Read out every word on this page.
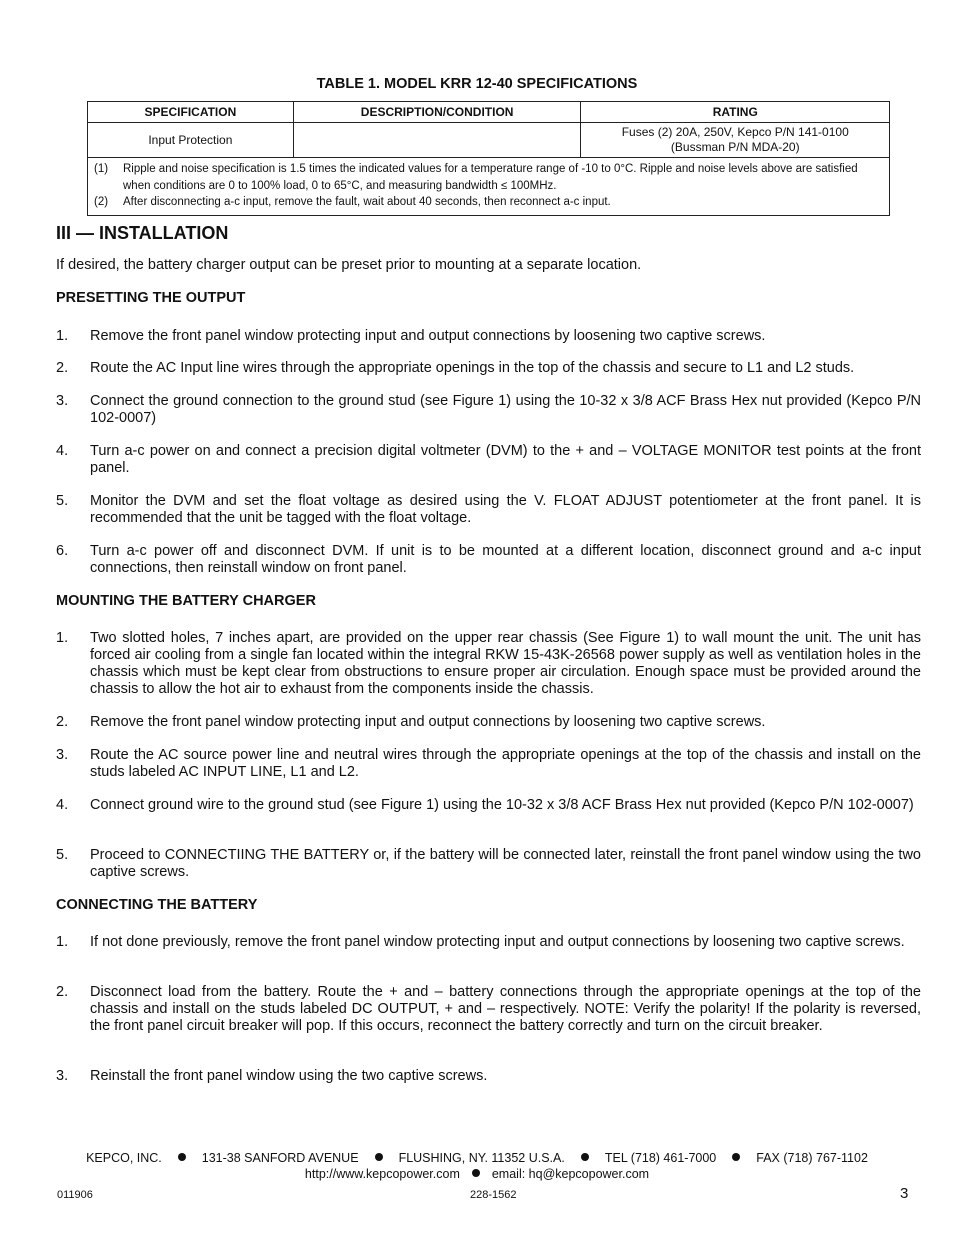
TABLE 1. MODEL KRR 12-40 SPECIFICATIONS
SPECIFICATION	DESCRIPTION/CONDITION	RATING
Input Protection		Fuses (2) 20A, 250V, Kepco P/N 141-0100
(Bussman P/N MDA-20)

(1) Ripple and noise specification is 1.5 times the indicated values for a temperature range of -10 to 0°C. Ripple and noise levels above are satisfied when conditions are 0 to 100% load, 0 to 65°C, and measuring bandwidth ≤ 100MHz.
(2) After disconnecting a-c input, remove the fault, wait about 40 seconds, then reconnect a-c input.		
III — INSTALLATION

If desired, the battery charger output can be preset prior to mounting at a separate location.

PRESETTING THE OUTPUT
1.	Remove the front panel window protecting input and output connections by loosening two captive screws.
2.	Route the AC Input line wires through the appropriate openings in the top of the chassis and secure to L1 and L2 studs.
3.	Connect the ground connection to the ground stud (see Figure 1) using the 10-32 x 3/8 ACF Brass Hex nut provided (Kepco P/N 102-0007)
4.	Turn a-c power on and connect a precision digital voltmeter (DVM) to the + and – VOLTAGE MONITOR test points at the front panel.
5.	Monitor the DVM and set the float voltage as desired using the V. FLOAT ADJUST potentiometer at the front panel. It is recommended that the unit be tagged with the float voltage.
6.	Turn a-c power off and disconnect DVM. If unit is to be mounted at a different location, disconnect ground and a-c input connections, then reinstall window on front panel.
MOUNTING THE BATTERY CHARGER
1.	Two slotted holes, 7 inches apart, are provided on the upper rear chassis (See Figure 1) to wall mount the unit. The unit has forced air cooling from a single fan located within the integral RKW 15-43K-26568 power supply as well as ventilation holes in the chassis which must be kept clear from obstructions to ensure proper air circulation. Enough space must be provided around the chassis to allow the hot air to exhaust from the components inside the chassis.
2.	Remove the front panel window protecting input and output connections by loosening two captive screws.
3.	Route the AC source power line and neutral wires through the appropriate openings at the top of the chassis and install on the studs labeled AC INPUT LINE, L1 and L2.
4.	Connect ground wire to the ground stud (see Figure 1) using the 10-32 x 3/8 ACF Brass Hex nut provided (Kepco P/N 102-0007)
5.	Proceed to CONNECTIING THE BATTERY or, if the battery will be connected later, reinstall the front panel window using the two captive screws.
CONNECTING THE BATTERY
1.	If not done previously, remove the front panel window protecting input and output connections by loosening two captive screws.
2.	Disconnect load from the battery. Route the + and – battery connections through the appropriate openings at the top of the chassis and install on the studs labeled DC OUTPUT, + and – respectively. NOTE: Verify the polarity! If the polarity is reversed, the front panel circuit breaker will pop. If this occurs, reconnect the battery correctly and turn on the circuit breaker.
3.	Reinstall the front panel window using the two captive screws.
KEPCO, INC.	131-38 SANFORD AVENUE	FLUSHING, NY. 11352 U.S.A.	TEL (718) 461-7000	FAX (718) 767-1102
http://www.kepcopower.com	email: hq@kepcopower.com
011906	228-1562	3
